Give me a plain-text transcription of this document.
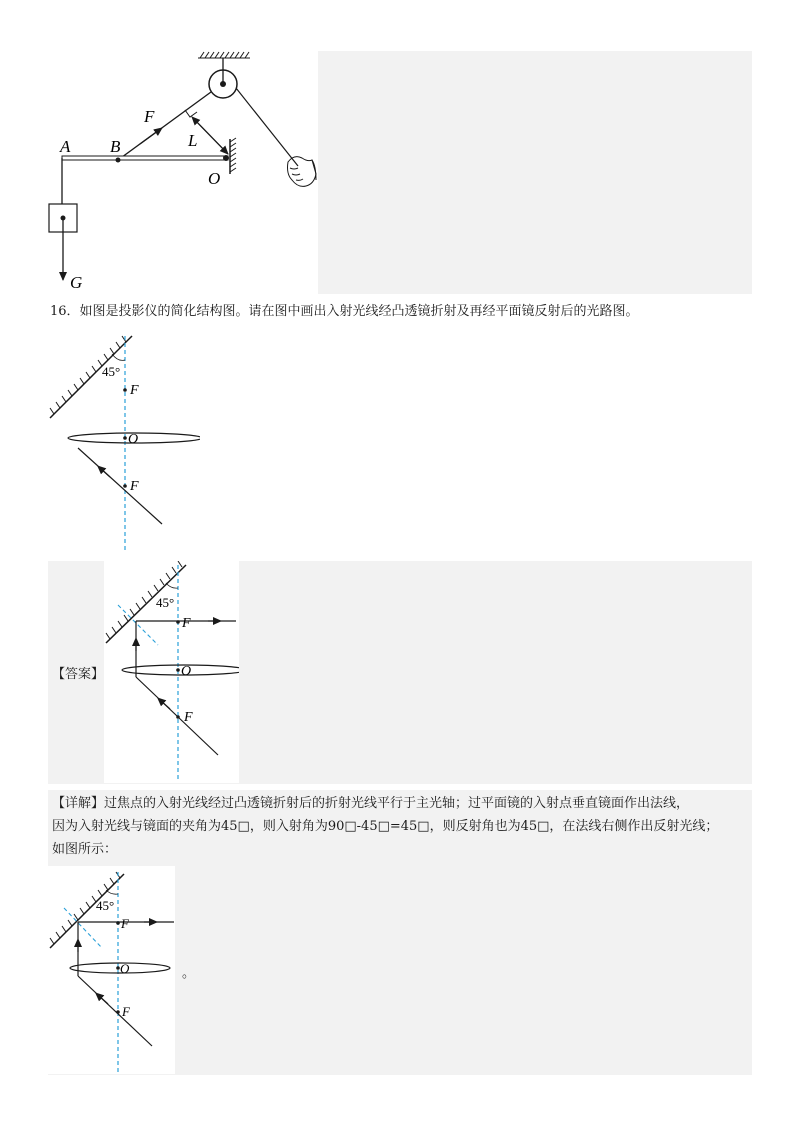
A B
F
L
O
G
16．如图是投影仪的简化结构图。请在图中画出入射光线经凸透镜折射及再经平面镜反射后的光路图。
45°
F
O
F
【答案】
45°
F
O
F
【详解】过焦点的入射光线经过凸透镜折射后的折射光线平行于主光轴；过平面镜的入射点垂直镜面作出法线，
因为入射光线与镜面的夹角为45□，则入射角为90□-45□=45□，则反射角也为45□，在法线右侧作出反射光线；
如图所示：
45°
F
O
F
。
